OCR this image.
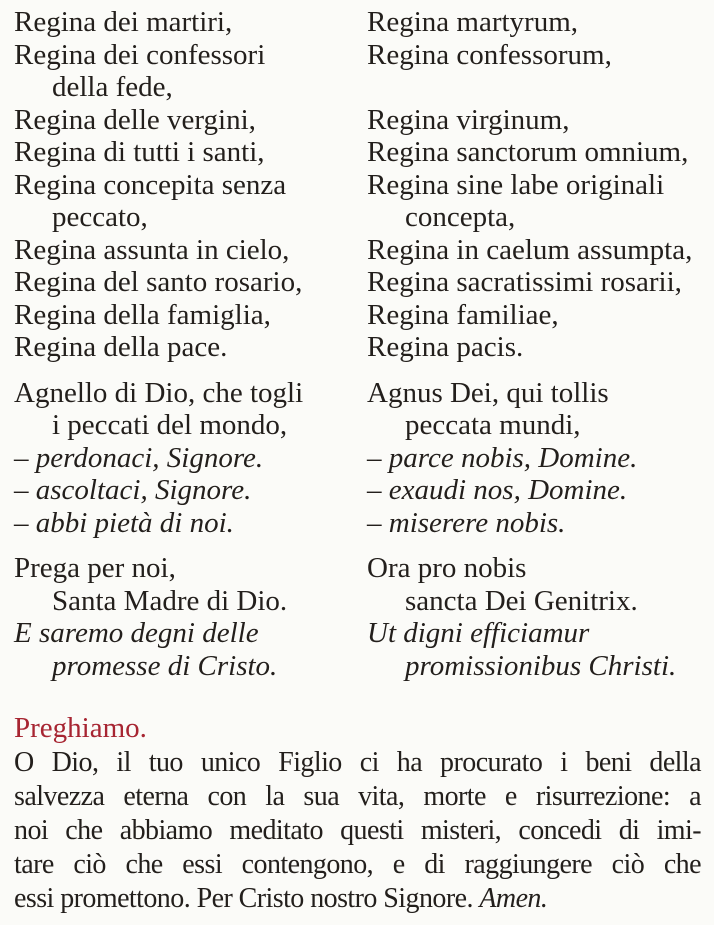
Regina dei martiri,
Regina dei confessori
della fede,
Regina delle vergini,
Regina di tutti i santi,
Regina concepita senza
peccato,
Regina assunta in cielo,
Regina del santo rosario,
Regina della famiglia,
Regina della pace.
Agnello di Dio, che togli
i peccati del mondo,
– perdonaci, Signore.
– ascoltaci, Signore.
– abbi pietà di noi.
Prega per noi,
Santa Madre di Dio.
E saremo degni delle
promesse di Cristo.
Regina martyrum,
Regina confessorum,
Regina virginum,
Regina sanctorum omnium,
Regina sine labe originali
concepta,
Regina in caelum assumpta,
Regina sacratissimi rosarii,
Regina familiae,
Regina pacis.
Agnus Dei, qui tollis
peccata mundi,
– parce nobis, Domine.
– exaudi nos, Domine.
– miserere nobis.
Ora pro nobis
sancta Dei Genitrix.
Ut digni efficiamur
promissionibus Christi.
Preghiamo.
O Dio, il tuo unico Figlio ci ha procurato i beni della
salvezza eterna con la sua vita, morte e risurrezione: a
noi che abbiamo meditato questi misteri, concedi di imi-
tare ciò che essi contengono, e di raggiungere ciò che
essi promettono. Per Cristo nostro Signore. Amen.
